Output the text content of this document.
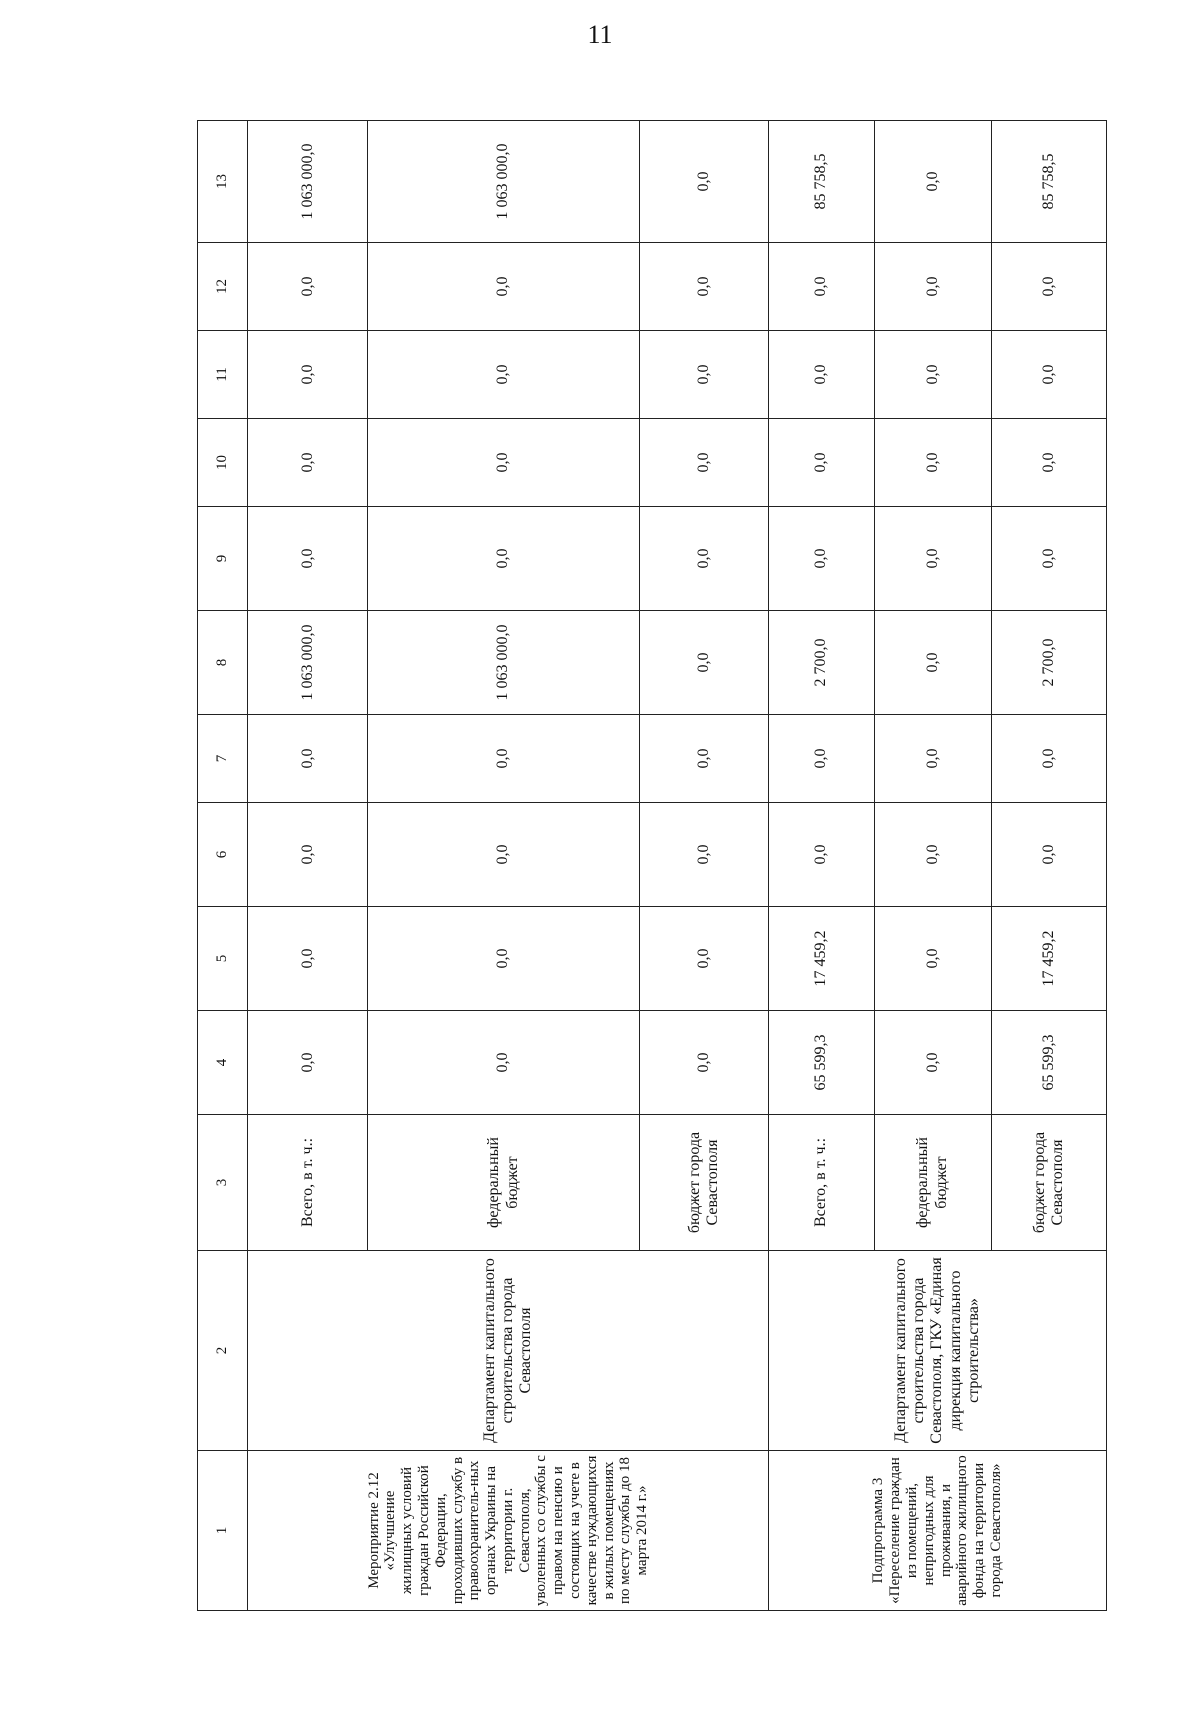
11
1	2	3	4	5	6	7	8	9	10	11	12	13
Мероприятие 2.12 «Улучшение жилищных условий граждан Российской Федерации, проходивших службу в правоохранитель-ных органах Украины на территории г. Севастополя, уволенных со службы с правом на пенсию и состоящих на учете в качестве нуждающихся в жилых помещениях по месту службы до 18 марта 2014 г.»	Департамент капитального строительства города Севастополя	Всего, в т. ч.:	0,0	0,0	0,0	0,0	1 063 000,0	0,0	0,0	0,0	0,0	1 063 000,0
		федеральный бюджет	0,0	0,0	0,0	0,0	1 063 000,0	0,0	0,0	0,0	0,0	1 063 000,0
		бюджет города Севастополя	0,0	0,0	0,0	0,0	0,0	0,0	0,0	0,0	0,0	0,0
Подпрограмма 3 «Переселение граждан из помещений, непригодных для проживания, и аварийного жилищного фонда на территории города Севастополя»	Департамент капитального строительства города Севастополя, ГКУ «Единая дирекция капитального строительства»	Всего, в т. ч.:	65 599,3	17 459,2	0,0	0,0	2 700,0	0,0	0,0	0,0	0,0	85 758,5
		федеральный бюджет	0,0	0,0	0,0	0,0	0,0	0,0	0,0	0,0	0,0	0,0
		бюджет города Севастополя	65 599,3	17 459,2	0,0	0,0	2 700,0	0,0	0,0	0,0	0,0	85 758,5
